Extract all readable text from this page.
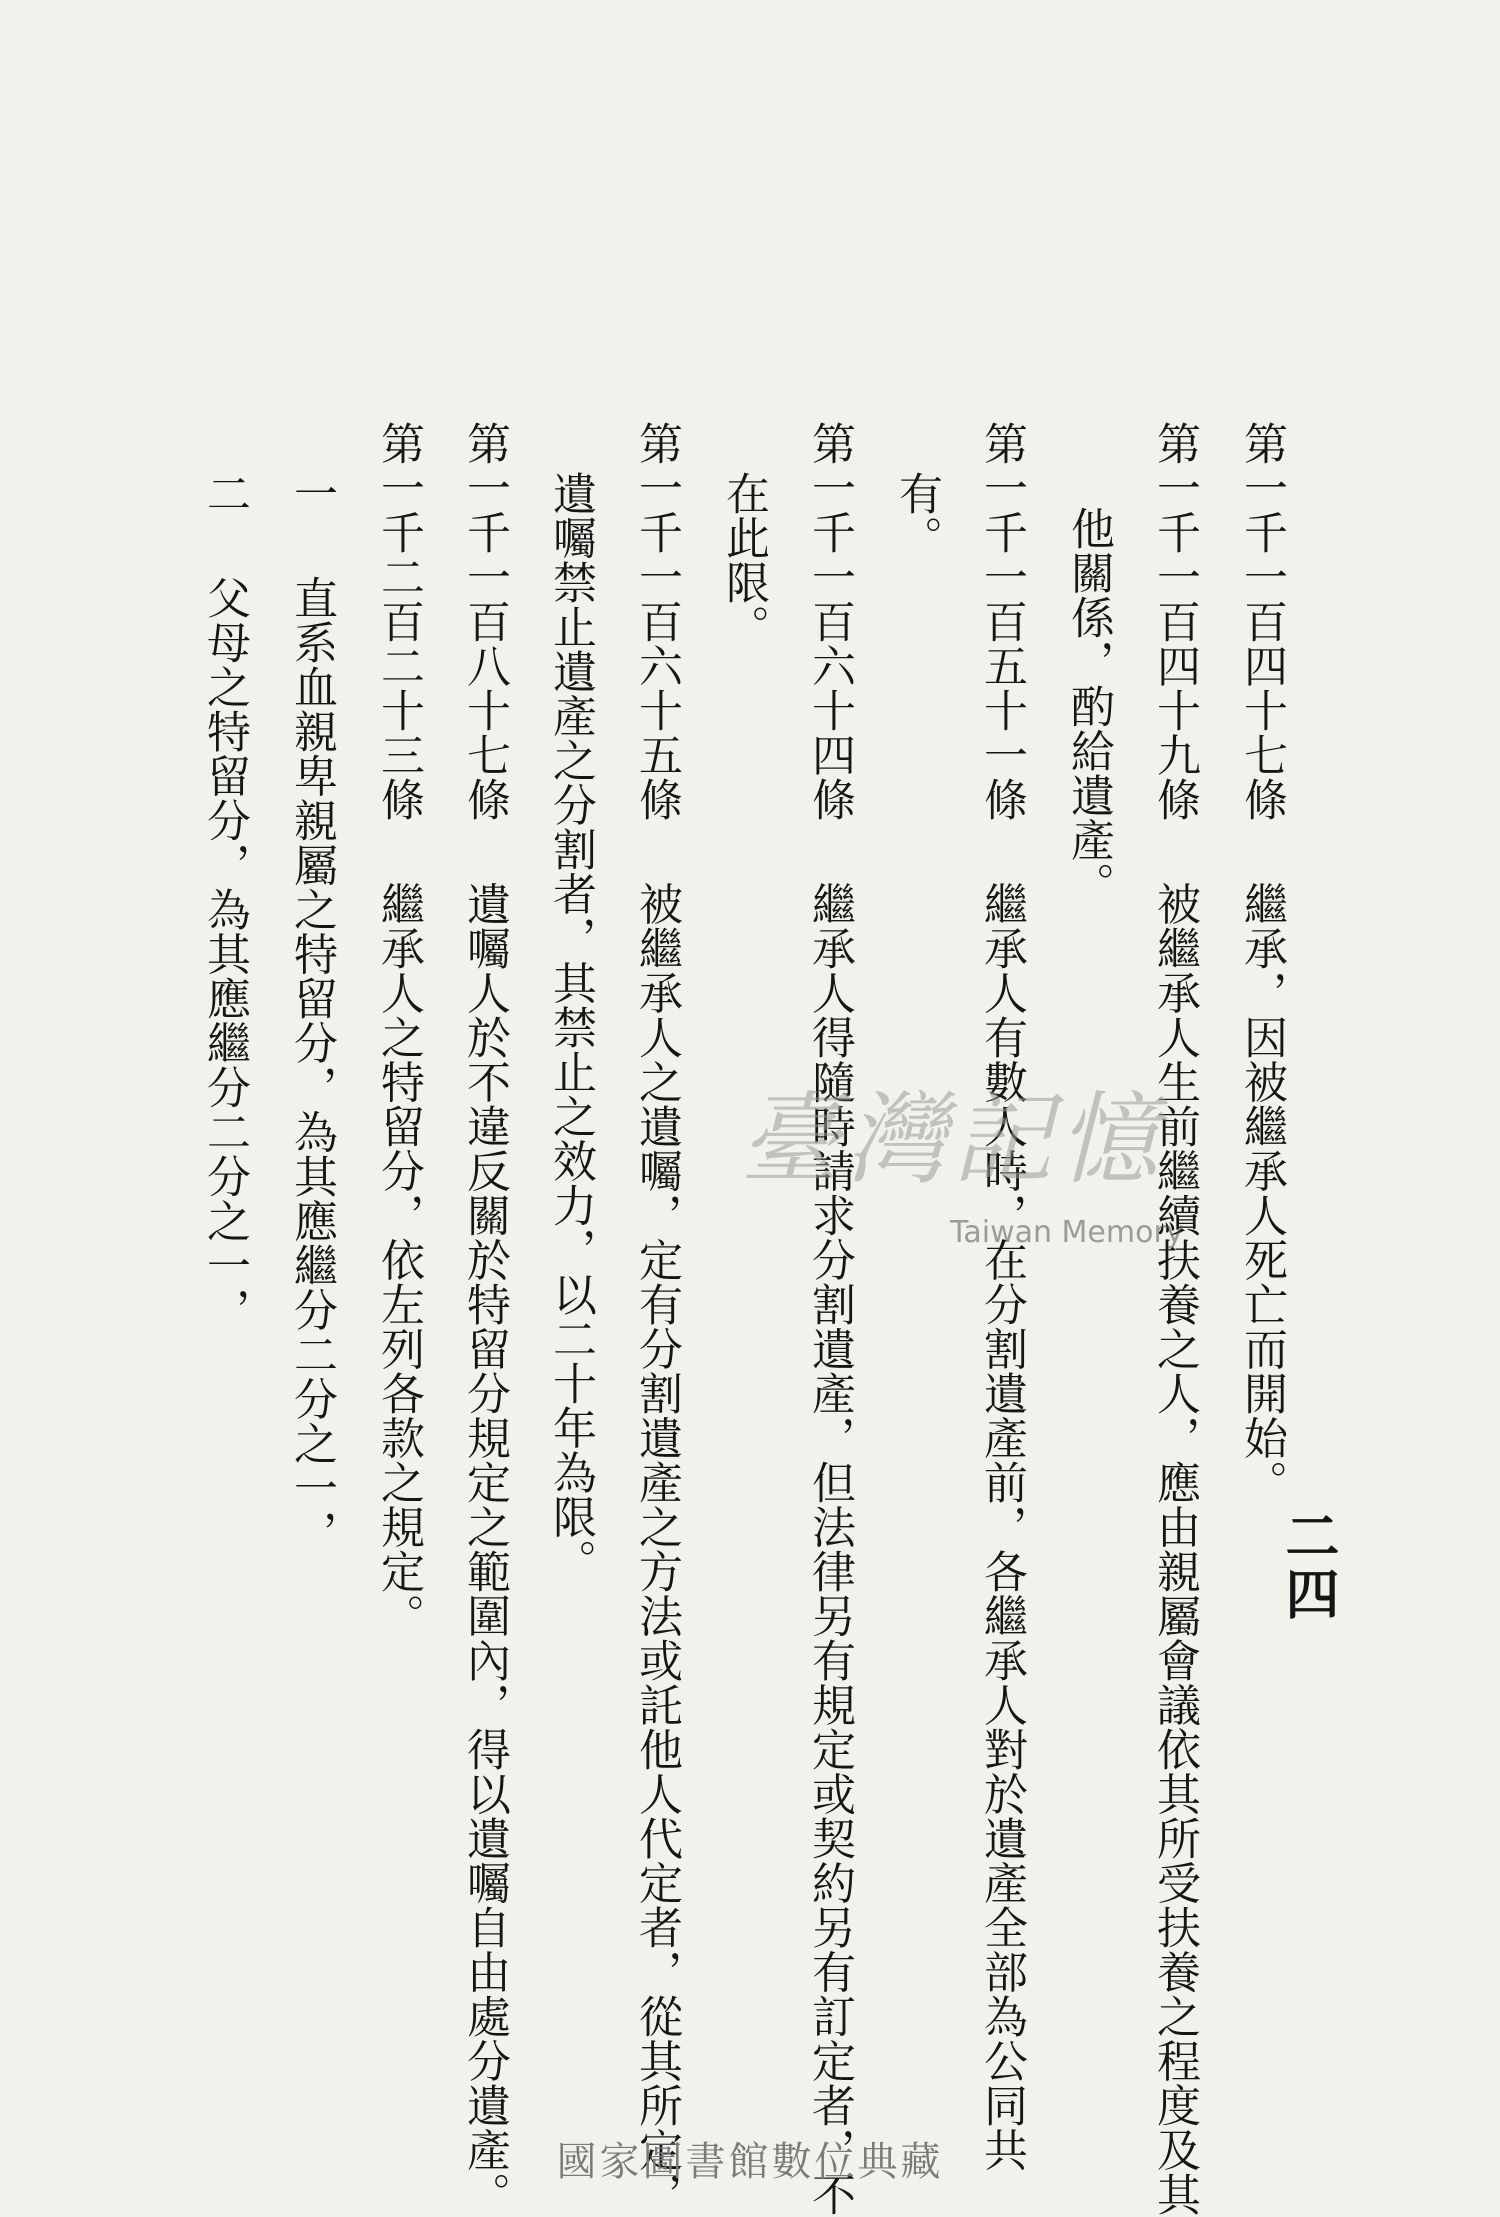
二四

第一千一百四十七條繼承，因被繼承人死亡而開始。

第一千一百四十九條被繼承人生前繼續扶養之人，應由親屬會議依其所受扶養之程度及其

他關係，酌給遺產。

第一千一百五十一條繼承人有數人時，在分割遺產前，各繼承人對於遺產全部為公同共

有。

第一千一百六十四條繼承人得隨時請求分割遺產，但法律另有規定或契約另有訂定者，不

在此限。

第一千一百六十五條被繼承人之遺囑，定有分割遺產之方法或託他人代定者，從其所定，

遺囑禁止遺產之分割者，其禁止之效力，以二十年為限。

第一千一百八十七條遺囑人於不違反關於特留分規定之範圍內，得以遺囑自由處分遺產。

第一千二百二十三條繼承人之特留分，依左列各款之規定。

一直系血親卑親屬之特留分，為其應繼分二分之一，

二父母之特留分，為其應繼分二分之一，
	臺灣記憶
Taiwan Memory
國家圖書館數位典藏
